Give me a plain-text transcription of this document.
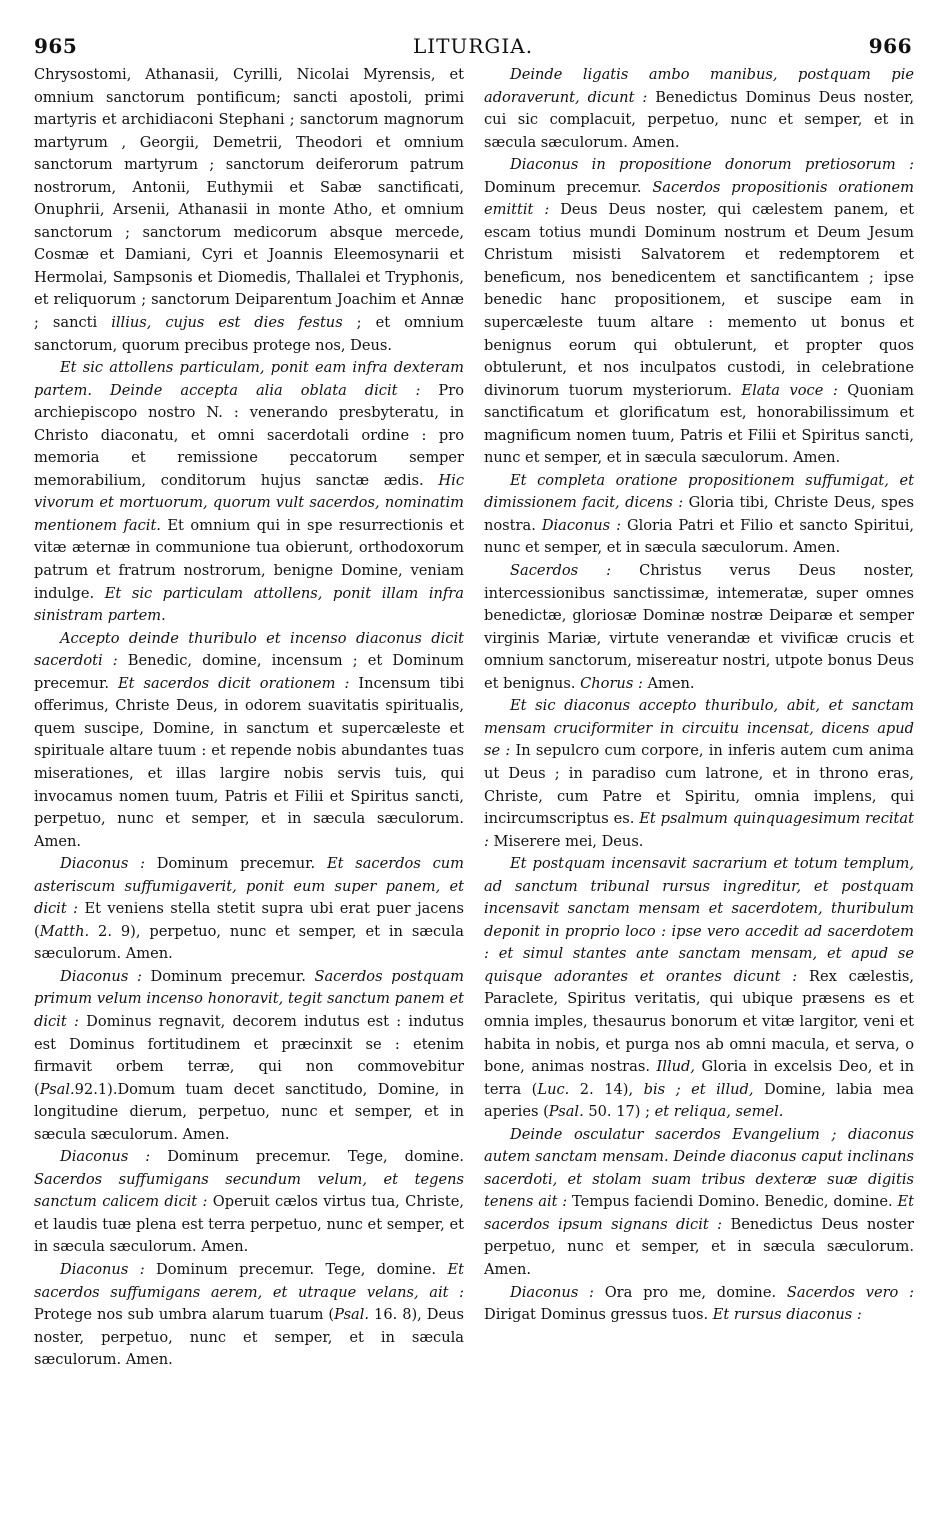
965	LITURGIA.	966

Chrysostomi, Athanasii, Cyrilli, Nicolai Myrensis, et omnium sanctorum pontificum; sancti apostoli, primi martyris et archidiaconi Stephani ; sanctorum magnorum martyrum , Georgii, Demetrii, Theodori et omnium sanctorum martyrum ; sanctorum deiferorum patrum nostrorum, Antonii, Euthymii et Sabæ sanctificati, Onuphrii, Arsenii, Athanasii in monte Atho, et omnium sanctorum ; sanctorum medicorum absque mercede, Cosmæ et Damiani, Cyri et Joannis Eleemosynarii et Hermolai, Sampsonis et Diomedis, Thallalei et Tryphonis, et reliquorum ; sanctorum Deiparentum Joachim et Annæ ; sancti illius, cujus est dies festus ; et omnium sanctorum, quorum precibus protege nos, Deus.

Et sic attollens particulam, ponit eam infra dexteram partem. Deinde accepta alia oblata dicit : Pro archiepiscopo nostro N. : venerando presbyteratu, in Christo diaconatu, et omni sacerdotali ordine : pro memoria et remissione peccatorum semper memorabilium, conditorum hujus sanctæ ædis. Hic vivorum et mortuorum, quorum vult sacerdos, nominatim mentionem facit. Et omnium qui in spe resurrectionis et vitæ æternæ in communione tua obierunt, orthodoxorum patrum et fratrum nostrorum, benigne Domine, veniam indulge. Et sic particulam attollens, ponit illam infra sinistram partem.

Accepto deinde thuribulo et incenso diaconus dicit sacerdoti : Benedic, domine, incensum ; et Dominum precemur. Et sacerdos dicit orationem : Incensum tibi offerimus, Christe Deus, in odorem suavitatis spiritualis, quem suscipe, Domine, in sanctum et supercæleste et spirituale altare tuum : et repende nobis abundantes tuas miserationes, et illas largire nobis servis tuis, qui invocamus nomen tuum, Patris et Filii et Spiritus sancti, perpetuo, nunc et semper, et in sæcula sæculorum. Amen.

Diaconus : Dominum precemur. Et sacerdos cum asteriscum suffumigaverit, ponit eum super panem, et dicit : Et veniens stella stetit supra ubi erat puer jacens (Matth. 2. 9), perpetuo, nunc et semper, et in sæcula sæculorum. Amen.

Diaconus : Dominum precemur. Sacerdos postquam primum velum incenso honoravit, tegit sanctum panem et dicit : Dominus regnavit, decorem indutus est : indutus est Dominus fortitudinem et præcinxit se : etenim firmavit orbem terræ, qui non commovebitur (Psal.92.1).Domum tuam decet sanctitudo, Domine, in longitudine dierum, perpetuo, nunc et semper, et in sæcula sæculorum. Amen.

Diaconus : Dominum precemur. Tege, domine. Sacerdos suffumigans secundum velum, et tegens sanctum calicem dicit : Operuit cælos virtus tua, Christe, et laudis tuæ plena est terra perpetuo, nunc et semper, et in sæcula sæculorum. Amen.

Diaconus : Dominum precemur. Tege, domine. Et sacerdos suffumigans aerem, et utraque velans, ait : Protege nos sub umbra alarum tuarum (Psal. 16. 8), Deus noster, perpetuo, nunc et semper, et in sæcula sæculorum. Amen.

Deinde ligatis ambo manibus, postquam pie adoraverunt, dicunt : Benedictus Dominus Deus noster, cui sic complacuit, perpetuo, nunc et semper, et in sæcula sæculorum. Amen.

Diaconus in propositione donorum pretiosorum : Dominum precemur. Sacerdos propositionis orationem emittit : Deus Deus noster, qui cælestem panem, et escam totius mundi Dominum nostrum et Deum Jesum Christum misisti Salvatorem et redemptorem et beneficum, nos benedicentem et sanctificantem ; ipse benedic hanc propositionem, et suscipe eam in supercæleste tuum altare : memento ut bonus et benignus eorum qui obtulerunt, et propter quos obtulerunt, et nos inculpatos custodi, in celebratione divinorum tuorum mysteriorum. Elata voce : Quoniam sanctificatum et glorificatum est, honorabilissimum et magnificum nomen tuum, Patris et Filii et Spiritus sancti, nunc et semper, et in sæcula sæculorum. Amen.

Et completa oratione propositionem suffumigat, et dimissionem facit, dicens : Gloria tibi, Christe Deus, spes nostra. Diaconus : Gloria Patri et Filio et sancto Spiritui, nunc et semper, et in sæcula sæculorum. Amen.

Sacerdos : Christus verus Deus noster, intercessionibus sanctissimæ, intemeratæ, super omnes benedictæ, gloriosæ Dominæ nostræ Deiparæ et semper virginis Mariæ, virtute venerandæ et vivificæ crucis et omnium sanctorum, misereatur nostri, utpote bonus Deus et benignus. Chorus : Amen.

Et sic diaconus accepto thuribulo, abit, et sanctam mensam cruciformiter in circuitu incensat, dicens apud se : In sepulcro cum corpore, in inferis autem cum anima ut Deus ; in paradiso cum latrone, et in throno eras, Christe, cum Patre et Spiritu, omnia implens, qui incircumscriptus es. Et psalmum quinquagesimum recitat : Miserere mei, Deus.

Et postquam incensavit sacrarium et totum templum, ad sanctum tribunal rursus ingreditur, et postquam incensavit sanctam mensam et sacerdotem, thuribulum deponit in proprio loco : ipse vero accedit ad sacerdotem : et simul stantes ante sanctam mensam, et apud se quisque adorantes et orantes dicunt : Rex cælestis, Paraclete, Spiritus veritatis, qui ubique præsens es et omnia imples, thesaurus bonorum et vitæ largitor, veni et habita in nobis, et purga nos ab omni macula, et serva, o bone, animas nostras. Illud, Gloria in excelsis Deo, et in terra (Luc. 2. 14), bis ; et illud, Domine, labia mea aperies (Psal. 50. 17) ; et reliqua, semel.

Deinde osculatur sacerdos Evangelium ; diaconus autem sanctam mensam. Deinde diaconus caput inclinans sacerdoti, et stolam suam tribus dexteræ suæ digitis tenens ait : Tempus faciendi Domino. Benedic, domine. Et sacerdos ipsum signans dicit : Benedictus Deus noster perpetuo, nunc et semper, et in sæcula sæculorum. Amen.

Diaconus : Ora pro me, domine. Sacerdos vero : Dirigat Dominus gressus tuos. Et rursus diaconus :
